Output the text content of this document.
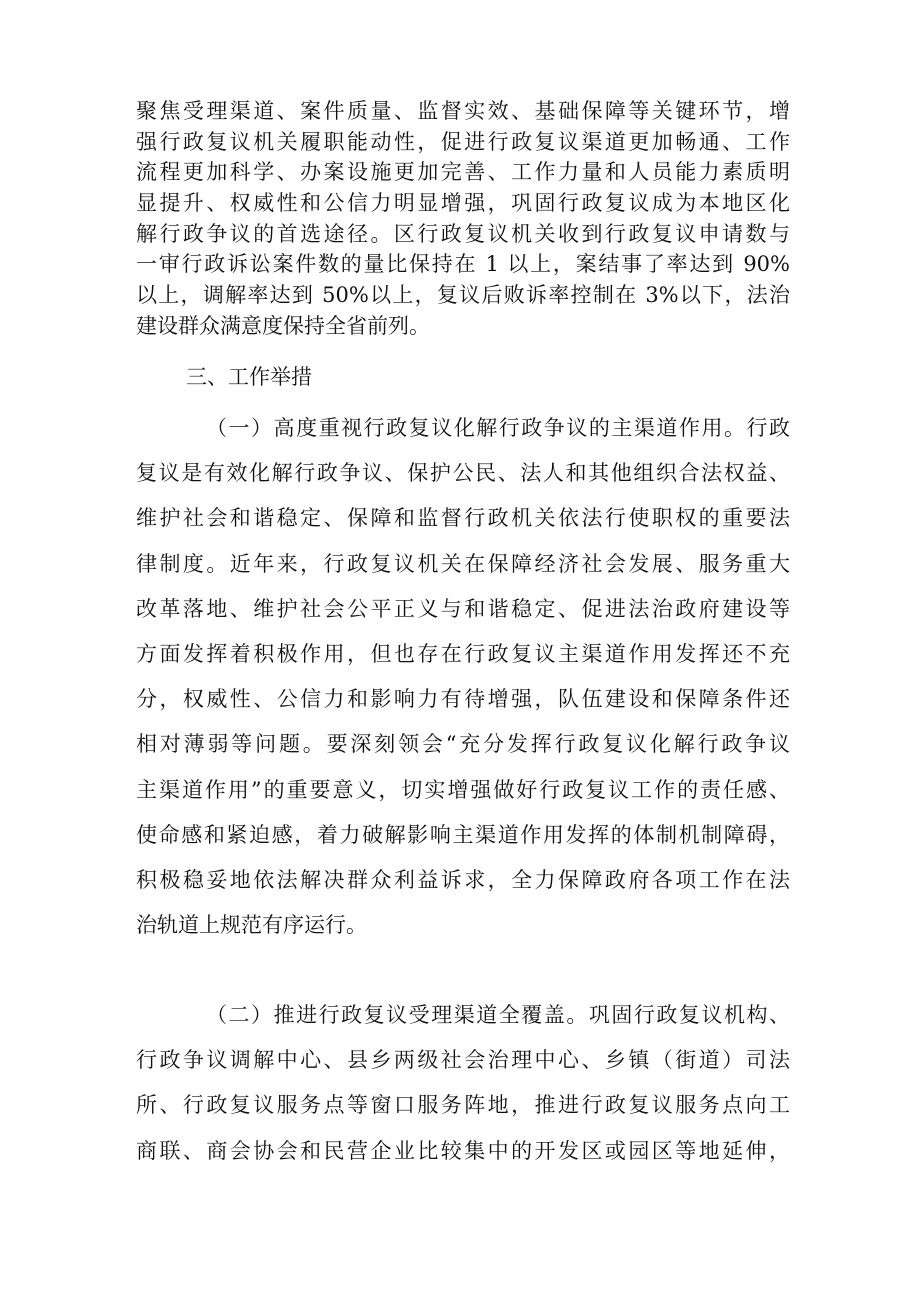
聚焦受理渠道、案件质量、监督实效、基础保障等关键环节，增
强行政复议机关履职能动性，促进行政复议渠道更加畅通、工作
流程更加科学、办案设施更加完善、工作力量和人员能力素质明
显提升、权威性和公信力明显增强，巩固行政复议成为本地区化
解行政争议的首选途径。区行政复议机关收到行政复议申请数与
一审行政诉讼案件数的量比保持在 1 以上，案结事了率达到 90%
以上，调解率达到 50%以上，复议后败诉率控制在 3%以下，法治
建设群众满意度保持全省前列。
三、工作举措
（一）高度重视行政复议化解行政争议的主渠道作用。行政
复议是有效化解行政争议、保护公民、法人和其他组织合法权益、
维护社会和谐稳定、保障和监督行政机关依法行使职权的重要法
律制度。近年来，行政复议机关在保障经济社会发展、服务重大
改革落地、维护社会公平正义与和谐稳定、促进法治政府建设等
方面发挥着积极作用，但也存在行政复议主渠道作用发挥还不充
分，权威性、公信力和影响力有待增强，队伍建设和保障条件还
相对薄弱等问题。要深刻领会“充分发挥行政复议化解行政争议
主渠道作用”的重要意义，切实增强做好行政复议工作的责任感、
使命感和紧迫感，着力破解影响主渠道作用发挥的体制机制障碍，
积极稳妥地依法解决群众利益诉求，全力保障政府各项工作在法
治轨道上规范有序运行。
（二）推进行政复议受理渠道全覆盖。巩固行政复议机构、
行政争议调解中心、县乡两级社会治理中心、乡镇（街道）司法
所、行政复议服务点等窗口服务阵地，推进行政复议服务点向工
商联、商会协会和民营企业比较集中的开发区或园区等地延伸，
